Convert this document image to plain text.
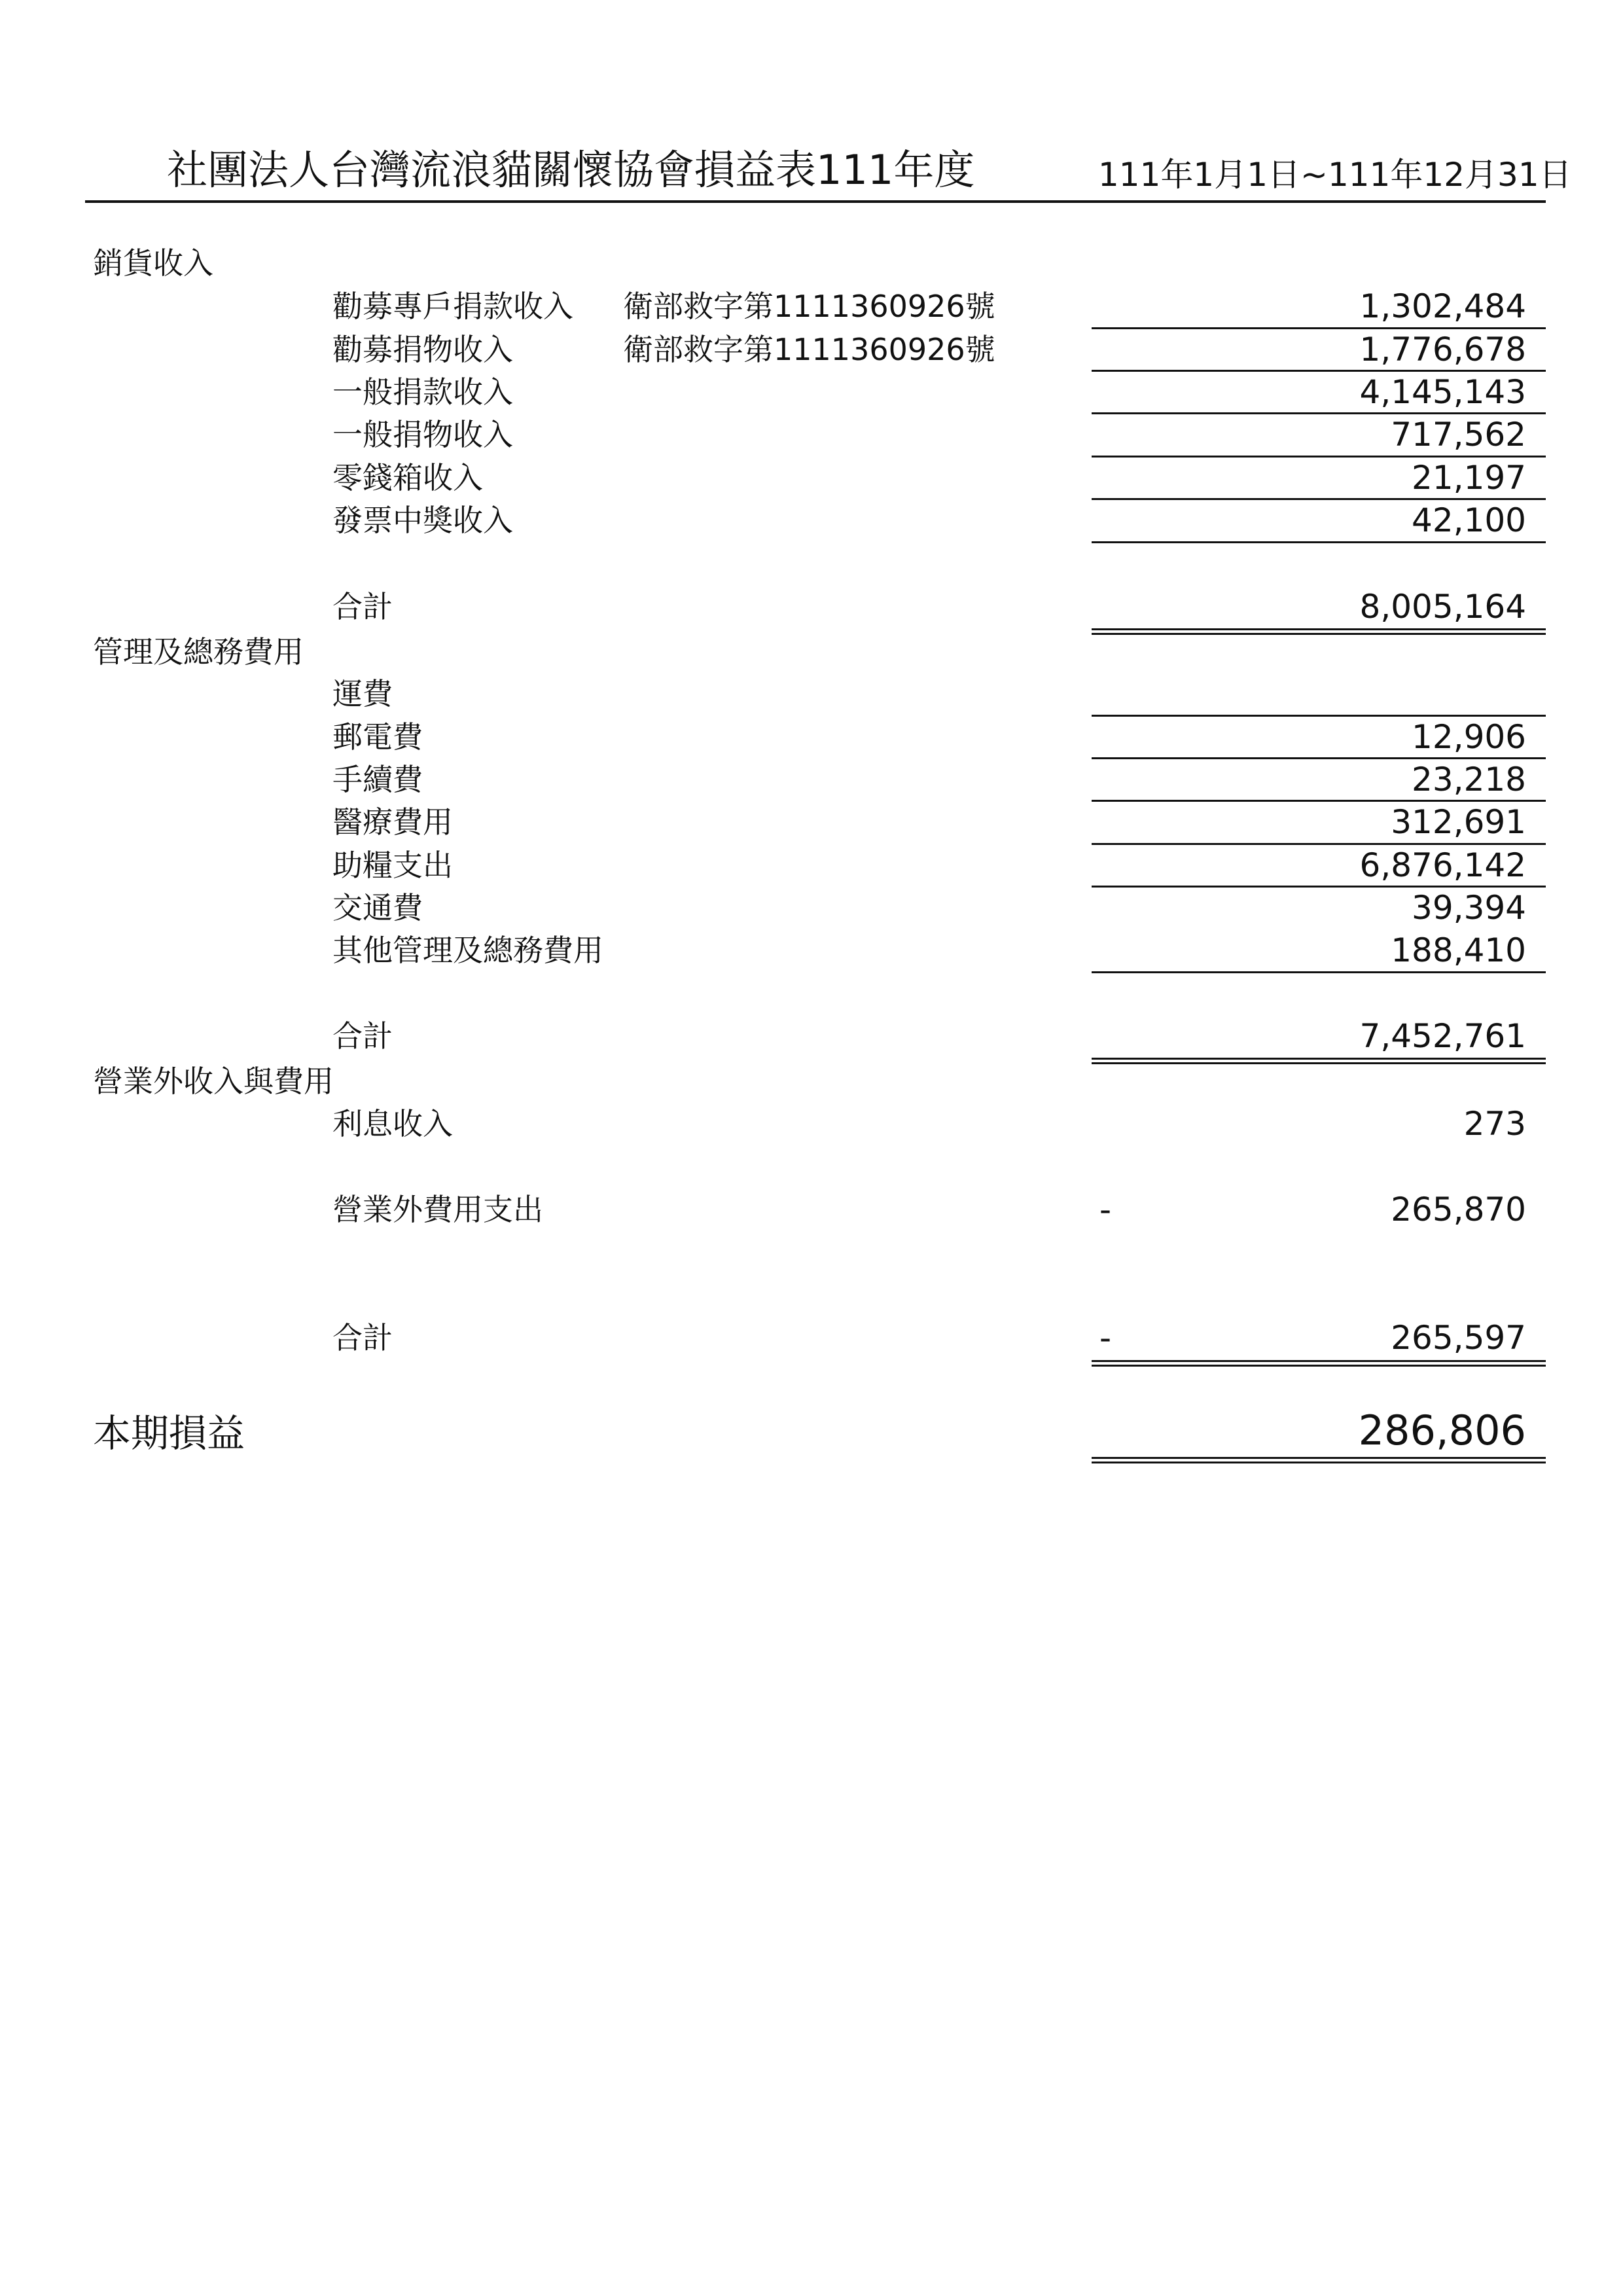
社團法人台灣流浪貓關懷協會損益表111年度	111年1月1日~111年12月31日
銷貨收入
勸募專戶捐款收入 衛部救字第1111360926號	1,302,484
勸募捐物收入	衛部救字第1111360926號	1,776,678
一般捐款收入	4,145,143
一般捐物收入	717,562
零錢箱收入	21,197
發票中獎收入	42,100
合計	8,005,164
管理及總務費用
運費
郵電費	12,906
手續費	23,218
醫療費用	312,691
助糧支出	6,876,142
交通費	39,394
其他管理及總務費用	188,410
合計	7,452,761
營業外收入與費用
利息收入	273
營業外費用支出	-	265,870
合計	-	265,597
本期損益	286,806
